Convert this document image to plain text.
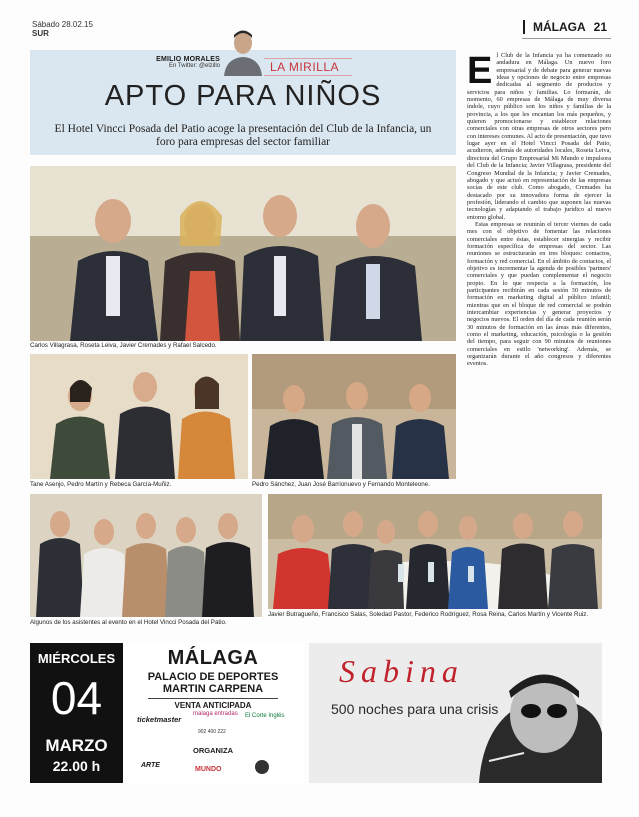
Sábado 28.02.15
SUR	MÁLAGA 21
EMILIO MORALES
En Twitter: @elzillo	LA MIRILLA
APTO PARA NIÑOS
El Hotel Vincci Posada del Patio acoge la presentación del Club de la Infancia, un foro para empresas del sector familiar
Carlos Villagrasa, Roseta Leiva, Javier Cremades y Rafael Salcedo.
Tane Asenjo, Pedro Martín y Rebeca García-Muñiz.	Pedro Sánchez, Juan José Barrionuevo y Fernando Monteleone.
Algunos de los asistentes al evento en el Hotel Vincci Posada del Patio.
Javier Butragueño, Francisco Salas, Soledad Pastor, Federico Rodríguez, Rosa Reina, Carlos Martín y Vicente Ruiz.
E l Club de la Infancia ya ha comenzado su andadura en Málaga. Un nuevo foro empresarial y de debate para generar nuevas ideas y opciones de negocio entre empresas dedicadas al segmento de productos y servicios para niños y familias. Lo formarán, de momento, 60 empresas de Málaga de muy diversa índole, cuyo público son los niños y familias de la provincia, a los que les encantan los más pequeños, y quieren promocionarse y establecer relaciones comerciales con otras empresas de otros sectores pero con intereses comunes. Al acto de presentación, que tuvo lugar ayer en el Hotel Vincci Posada del Patio, acudieron, además de autoridades locales, Roseta Leiva, directora del Grupo Empresarial Mi Mundo e impulsora del Club de la Infancia; Javier Villagrasa, presidente del Congreso Mundial de la Infancia; y Javier Cremades, abogado y que actuó en representación de las empresas socias de este club. Como abogado, Cremades ha destacado por su innovadora forma de ejercer la profesión, liderando el cambio que suponen las nuevas tecnologías y adaptando el trabajo jurídico al nuevo entorno global.

Estas empresas se reunirán el tercer viernes de cada mes con el objetivo de fomentar las relaciones comerciales entre éstas, establecer sinergias y recibir formación específica de empresas del sector. Las reuniones se estructurarán en tres bloques: contactos, formación y red comercial. En el ámbito de contactos, el objetivo es incrementar la agenda de posibles 'partners' comerciales y que puedan complementar el negocio propio. En lo que respecta a la formación, los participantes recibirán en cada sesión 30 minutos de formación en marketing digital al público infantil; mientras que en el bloque de red comercial se podrán intercambiar experiencias y generar proyectos y negocios nuevos. El orden del día de cada reunión serán 30 minutos de formación en las áreas más diferentes, como el marketing, educación, psicología o la gestión del tiempo, para seguir con 90 minutos de reuniones comerciales en estilo 'networking'. Además, se organizarán durante el año congresos y diferentes eventos.

MIÉRCOLES
04
MARZO
22.00 h
MÁLAGA
PALACIO DE DEPORTES
MARTIN CARPENA
VENTA ANTICIPADA
ticketmaster
malaga entradas El Corte Inglés
902 400 222
ORGANIZA
ARTE
MUNDO
Sabina
500 noches para una crisis
